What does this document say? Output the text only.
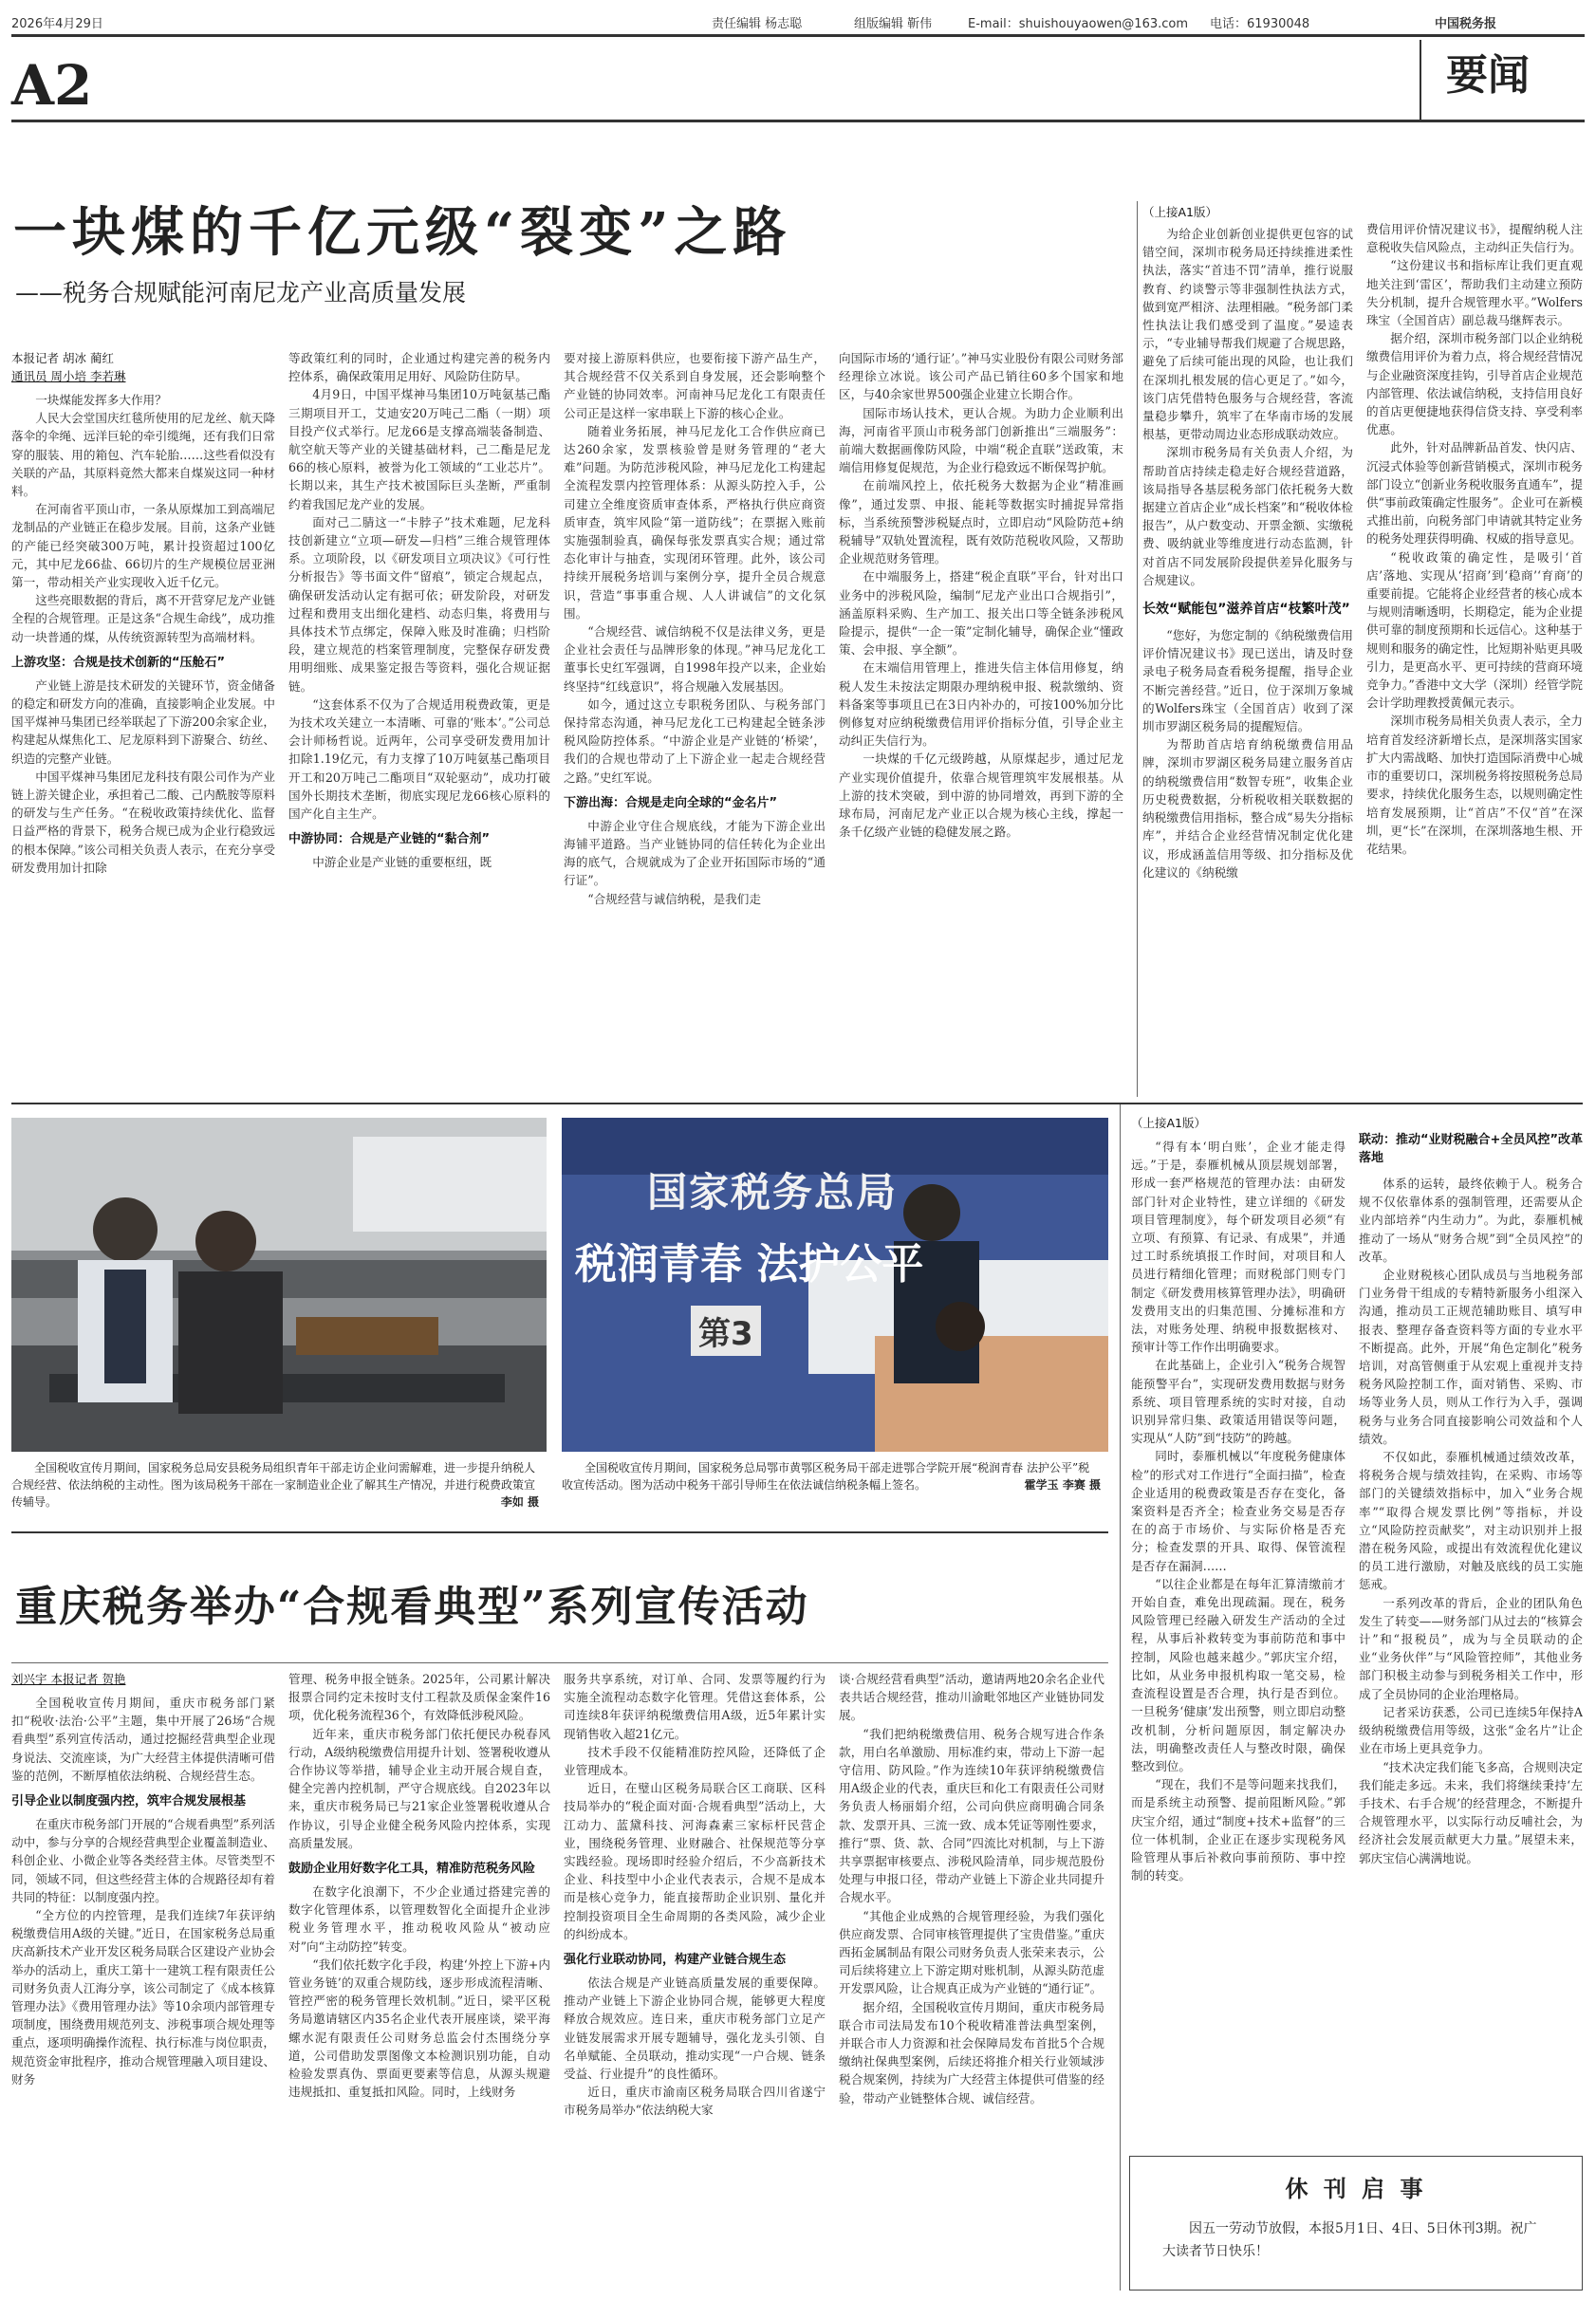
2026年4月29日	责任编辑 杨志聪	组版编辑 靳伟	E-mail：shuishouyaowen@163.com 电话：61930048	中国税务报
A2	要闻
一块煤的千亿元级“裂变”之路
——税务合规赋能河南尼龙产业高质量发展
本报记者 胡冰 蔺红
通讯员 周小培 李若琳

一块煤能发挥多大作用？

人民大会堂国庆红毯所使用的尼龙丝、航天降落伞的伞绳、远洋巨轮的牵引缆绳，还有我们日常穿的服装、用的箱包、汽车轮胎……这些看似没有关联的产品，其原料竟然大都来自煤炭这同一种材料。

在河南省平顶山市，一条从原煤加工到高端尼龙制品的产业链正在稳步发展。目前，这条产业链的产能已经突破300万吨，累计投资超过100亿元，其中尼龙66盐、66切片的生产规模位居亚洲第一，带动相关产业实现收入近千亿元。

这些亮眼数据的背后，离不开营穿尼龙产业链全程的合规管理。正是这条“合规生命线”，成功推动一块普通的煤，从传统资源转型为高端材料。

上游攻坚：合规是技术创新的“压舱石”

产业链上游是技术研发的关键环节，资金储备的稳定和研发方向的准确，直接影响企业发展。中国平煤神马集团已经举联起了下游200余家企业，构建起从煤焦化工、尼龙原料到下游聚合、纺丝、织造的完整产业链。

中国平煤神马集团尼龙科技有限公司作为产业链上游关键企业，承担着己二酸、己内酰胺等原料的研发与生产任务。“在税收政策持续优化、监督日益严格的背景下，税务合规已成为企业行稳致远的根本保障。”该公司相关负责人表示，在充分享受研发费用加计扣除

等政策红利的同时，企业通过构建完善的税务内控体系，确保政策用足用好、风险防住防早。

4月9日，中国平煤神马集团10万吨氨基己酯三期项目开工，艾迪安20万吨己二酯（一期）项目投产仪式举行。尼龙66是支撑高端装备制造、航空航天等产业的关键基础材料，己二酯是尼龙66的核心原料，被誉为化工领域的“工业芯片”。长期以来，其生产技术被国际巨头垄断，严重制约着我国尼龙产业的发展。

面对己二腈这一“卡脖子”技术难题，尼龙科技创新建立“立项—研发—归档”三维合规管理体系。立项阶段，以《研发项目立项决议》《可行性分析报告》等书面文件“留痕”，锁定合规起点，确保研发活动认定有据可依；研发阶段，对研发过程和费用支出细化建档、动态归集，将费用与具体技术节点绑定，保障入账及时准确；归档阶段，建立规范的档案管理制度，完整保存研发费用明细账、成果鉴定报告等资料，强化合规证据链。

“这套体系不仅为了合规适用税费政策，更是为技术攻关建立一本清晰、可靠的‘账本’。”公司总会计师杨哲说。近两年，公司享受研发费用加计扣除1.19亿元，有力支撑了10万吨氨基己酯项目开工和20万吨己二酯项目“双轮驱动”，成功打破国外长期技术垄断，彻底实现尼龙66核心原料的国产化自主生产。

中游协同：合规是产业链的“黏合剂”

中游企业是产业链的重要枢纽，既

要对接上游原料供应，也要衔接下游产品生产，其合规经营不仅关系到自身发展，还会影响整个产业链的协同效率。河南神马尼龙化工有限责任公司正是这样一家串联上下游的核心企业。

随着业务拓展，神马尼龙化工合作供应商已达260余家，发票核验曾是财务管理的“老大难”问题。为防范涉税风险，神马尼龙化工构建起全流程发票内控管理体系：从源头防控入手，公司建立全维度资质审查体系，严格执行供应商资质审查，筑牢风险“第一道防线”；在票据入账前实施强制验真，确保每张发票真实合规；通过常态化审计与抽查，实现闭环管理。此外，该公司持续开展税务培训与案例分享，提升全员合规意识，营造“事事重合规、人人讲诚信”的文化氛围。

“合规经营、诚信纳税不仅是法律义务，更是企业社会责任与品牌形象的体现。”神马尼龙化工董事长史红军强调，自1998年投产以来，企业始终坚持“红线意识”，将合规融入发展基因。

如今，通过这立专职税务团队、与税务部门保持常态沟通，神马尼龙化工已构建起全链条涉税风险防控体系。“中游企业是产业链的‘桥梁’，我们的合规也带动了上下游企业一起走合规经营之路。”史红军说。

下游出海：合规是走向全球的“金名片”

中游企业守住合规底线，才能为下游企业出海铺平道路。当产业链协同的信任转化为企业出海的底气，合规就成为了企业开拓国际市场的“通行证”。

“合规经营与诚信纳税，是我们走

向国际市场的‘通行证’。”神马实业股份有限公司财务部经理徐立冰说。该公司产品已销往60多个国家和地区，与40余家世界500强企业建立长期合作。

国际市场认技术，更认合规。为助力企业顺利出海，河南省平顶山市税务部门创新推出“三端服务”：前端大数据画像防风险，中端“税企直联”送政策，末端信用修复促规范，为企业行稳致远不断保驾护航。

在前端风控上，依托税务大数据为企业“精准画像”，通过发票、申报、能耗等数据实时捕捉异常指标，当系统预警涉税疑点时，立即启动“风险防范+纳税辅导”双轨处置流程，既有效防范税收风险，又帮助企业规范财务管理。

在中端服务上，搭建“税企直联”平台，针对出口业务中的涉税风险，编制“尼龙产业出口合规指引”，涵盖原料采购、生产加工、报关出口等全链条涉税风险提示，提供“一企一策”定制化辅导，确保企业“懂政策、会申报、享全额”。

在末端信用管理上，推进失信主体信用修复，纳税人发生未按法定期限办理纳税申报、税款缴纳、资料备案等事项且已在3日内补办的，可按100%加分比例修复对应纳税缴费信用评价指标分值，引导企业主动纠正失信行为。

一块煤的千亿元级跨越，从原煤起步，通过尼龙产业实现价值提升，依靠合规管理筑牢发展根基。从上游的技术突破，到中游的协同增效，再到下游的全球布局，河南尼龙产业正以合规为核心主线，撑起一条千亿级产业链的稳健发展之路。

（上接A1版）

为给企业创新创业提供更包容的试错空间，深圳市税务局还持续推进柔性执法，落实“首违不罚”清单，推行说服教育、约谈警示等非强制性执法方式，做到宽严相济、法理相融。“税务部门柔性执法让我们感受到了温度。”晏逵表示，“专业辅导帮我们规避了合规思路，避免了后续可能出现的风险，也让我们在深圳扎根发展的信心更足了。”如今，该门店凭借特色服务与合规经营，客流量稳步攀升，筑牢了在华南市场的发展根基，更带动周边业态形成联动效应。

深圳市税务局有关负责人介绍，为帮助首店持续走稳走好合规经营道路，该局指导各基层税务部门依托税务大数据建立首店企业“成长档案”和“税收体检报告”，从户数变动、开票金额、实缴税费、吸纳就业等维度进行动态监测，针对首店不同发展阶段提供差异化服务与合规建议。

长效“赋能包”滋养首店“枝繁叶茂”

“您好，为您定制的《纳税缴费信用评价情况建议书》现已送出，请及时登录电子税务局查看税务提醒，指导企业不断完善经营。”近日，位于深圳万象城的Wolfers珠宝（全国首店）收到了深圳市罗湖区税务局的提醒短信。

为帮助首店培育纳税缴费信用品牌，深圳市罗湖区税务局建立服务首店的纳税缴费信用“数智专班”，收集企业历史税费数据，分析税收相关联数据的纳税缴费信用指标，整合成“易失分指标库”，并结合企业经营情况制定优化建议，形成涵盖信用等级、扣分指标及优化建议的《纳税缴

费信用评价情况建议书》，提醒纳税人注意税收失信风险点，主动纠正失信行为。

“这份建议书和指标库让我们更直观地关注到‘雷区’，帮助我们主动建立预防失分机制，提升合规管理水平。”Wolfers珠宝（全国首店）副总裁马继辉表示。

据介绍，深圳市税务部门以企业纳税缴费信用评价为着力点，将合规经营情况与企业融资深度挂钩，引导首店企业规范内部管理、依法诚信纳税，支持信用良好的首店更便捷地获得信贷支持、享受利率优惠。

此外，针对品牌新品首发、快闪店、沉浸式体验等创新营销模式，深圳市税务部门设立“创新业务税收服务直通车”，提供“事前政策确定性服务”。企业可在新模式推出前，向税务部门申请就其特定业务的税务处理获得明确、权威的指导意见。

“税收政策的确定性，是吸引‘首店’落地、实现从‘招商’到‘稳商’‘育商’的重要前提。它能将企业经营者的核心成本与规则清晰透明，长期稳定，能为企业提供可靠的制度预期和长远信心。这种基于规则和服务的确定性，比短期补贴更具吸引力，是更高水平、更可持续的营商环境竞争力。”香港中文大学（深圳）经管学院会计学助理教授黄佩元表示。

深圳市税务局相关负责人表示，全力培育首发经济新增长点，是深圳落实国家扩大内需战略、加快打造国际消费中心城市的重要切口，深圳税务将按照税务总局要求，持续优化服务生态，以规则确定性培育发展预期，让“首店”不仅“首”在深圳，更“长”在深圳，在深圳落地生根、开花结果。

国家税务总局
税润青春 法护公平
第3
全国税收宣传月期间，国家税务总局安县税务局组织青年干部走访企业问需解难，进一步提升纳税人合规经营、依法纳税的主动性。图为该局税务干部在一家制造业企业了解其生产情况，并进行税费政策宣传辅导。	李如 摄
全国税收宣传月期间，国家税务总局鄂市黄鄂区税务局干部走进鄂合学院开展“税润青春 法护公平”税收宣传活动。图为活动中税务干部引导师生在依法诚信纳税条幅上签名。	霍学玉 李赛 摄
重庆税务举办“合规看典型”系列宣传活动
刘兴宇 本报记者 贺艳

全国税收宣传月期间，重庆市税务部门紧扣“税收·法治·公平”主题，集中开展了26场“合规看典型”系列宣传活动，通过挖掘经营典型企业现身说法、交流座谈，为广大经营主体提供清晰可借鉴的范例，不断厚植依法纳税、合规经营生态。

引导企业以制度强内控，筑牢合规发展根基

在重庆市税务部门开展的“合规看典型”系列活动中，参与分享的合规经营典型企业覆盖制造业、科创企业、小微企业等各类经营主体。尽管类型不同，领域不同，但这些经营主体的合规路径却有着共同的特征：以制度强内控。

“全方位的内控管理，是我们连续7年获评纳税缴费信用A级的关键。”近日，在国家税务总局重庆高新技术产业开发区税务局联合区建设产业协会举办的活动上，重庆工第十一建筑工程有限责任公司财务负责人江海分享，该公司制定了《成本核算管理办法》《费用管理办法》等10余项内部管理专项制度，围绕费用规范列支、涉税事项合规处理等重点，逐项明确操作流程、执行标准与岗位职责，规范资金审批程序，推动合规管理融入项目建设、财务

管理、税务申报全链条。2025年，公司累计解决报票合同约定未按时支付工程款及质保金案件16项，优化税务流程36个，有效降低涉税风险。

近年来，重庆市税务部门依托便民办税春风行动，A级纳税缴费信用提升计划、签署税收遵从合作协议等举措，辅导企业主动开展合规自查，健全完善内控机制，严守合规底线。自2023年以来，重庆市税务局已与21家企业签署税收遵从合作协议，引导企业健全税务风险内控体系，实现高质量发展。

鼓励企业用好数字化工具，精准防范税务风险

在数字化浪潮下，不少企业通过搭建完善的数字化管理体系，以管理数智化全面提升企业涉税业务管理水平，推动税收风险从“被动应对”向“主动防控”转变。

“我们依托数字化手段，构建‘外控上下游+内管业务链’的双重合规防线，逐步形成流程清晰、管控严密的税务管理长效机制。”近日，梁平区税务局邀请辖区内35名企业代表开展座谈，梁平海螺水泥有限责任公司财务总监会付杰围绕分享道，公司借助发票图像文本检测识别功能，自动检验发票真伪、票面更要素等信息，从源头规避违规抵扣、重复抵扣风险。同时，上线财务

服务共享系统，对订单、合同、发票等履约行为实施全流程动态数字化管理。凭借这套体系，公司连续8年获评纳税缴费信用A级，近5年累计实现销售收入超21亿元。

技术手段不仅能精准防控风险，还降低了企业管理成本。

近日，在璧山区税务局联合区工商联、区科技局举办的“税企面对面·合规看典型”活动上，大江动力、蓝黛科技、河海森素三家标杆民营企业，围绕税务管理、业财融合、社保规范等分享实践经验。现场即时经验介绍后，不少高新技术企业、科技型中小企业代表表示，合规不是成本而是核心竞争力，能直接帮助企业识别、量化并控制投资项目全生命周期的各类风险，减少企业的纠纷成本。

强化行业联动协同，构建产业链合规生态

依法合规是产业链高质量发展的重要保障。推动产业链上下游企业协同合规，能够更大程度释放合规效应。连日来，重庆市税务部门立足产业链发展需求开展专题辅导，强化龙头引领、自名单赋能、全员联动，推动实现“一户合规、链条受益、行业提升”的良性循环。

近日，重庆市渝南区税务局联合四川省遂宁市税务局举办“依法纳税大家

谈·合规经营看典型”活动，邀请两地20余名企业代表共话合规经营，推动川渝毗邻地区产业链协同发展。

“我们把纳税缴费信用、税务合规写进合作条款，用白名单激励、用标准约束，带动上下游一起守信用、防风险。”作为连续10年获评纳税缴费信用A级企业的代表，重庆巨和化工有限责任公司财务负责人杨丽娟介绍，公司向供应商明确合同条款、发票开具、三流一致、成本凭证等刚性要求，推行“票、货、款、合同”四流比对机制，与上下游共享票据审核要点、涉税风险清单，同步规范股份处理与申报口径，带动产业链上下游企业共同提升合规水平。

“其他企业成熟的合规管理经验，为我们强化供应商发票、合同审核管理提供了宝贵借鉴。”重庆西拓金属制品有限公司财务负责人张荣来表示，公司后续将建立上下游定期对账机制，从源头防范虚开发票风险，让合规真正成为产业链的“通行证”。

据介绍，全国税收宣传月期间，重庆市税务局联合市司法局发布10个税收精准普法典型案例，并联合市人力资源和社会保障局发布首批5个合规缴纳社保典型案例，后续还将推介相关行业领域涉税合规案例，持续为广大经营主体提供可借鉴的经验，带动产业链整体合规、诚信经营。

（上接A1版）

“得有本‘明白账’，企业才能走得远。”于是，泰雁机械从顶层规划部署，形成一套严格规范的管理办法：由研发部门针对企业特性，建立详细的《研发项目管理制度》，每个研发项目必须“有立项、有预算、有记录、有成果”，并通过工时系统填报工作时间，对项目和人员进行精细化管理；而财税部门则专门制定《研发费用核算管理办法》，明确研发费用支出的归集范围、分摊标准和方法，对账务处理、纳税申报数据核对、预审计等工作作出明确要求。

在此基础上，企业引入“税务合规智能预警平台”，实现研发费用数据与财务系统、项目管理系统的实时对接，自动识别异常归集、政策适用错误等问题，实现从“人防”到“技防”的跨越。

同时，泰雁机械以“年度税务健康体检”的形式对工作进行“全面扫描”，检查企业适用的税费政策是否存在变化，备案资料是否齐全；检查业务交易是否存在的高于市场价、与实际价格是否充分；检查发票的开具、取得、保管流程是否存在漏洞……

“以往企业都是在每年汇算清缴前才开始自查，难免出现疏漏。现在，税务风险管理已经融入研发生产活动的全过程，从事后补救转变为事前防范和事中控制，风险也越来越少。”郭庆宝介绍，比如，从业务申报机构取一笔交易，检查流程设置是否合理，执行是否到位。一旦税务‘健康’发出预警，则立即启动整改机制，分析问题原因，制定解决办法，明确整改责任人与整改时限，确保整改到位。

“现在，我们不是等问题来找我们，而是系统主动预警、提前阻断风险。”郭庆宝介绍，通过“制度+技术+监督”的三位一体机制，企业正在逐步实现税务风险管理从事后补救向事前预防、事中控制的转变。

联动：推动“业财税融合+全员风控”改革落地

体系的运转，最终依赖于人。税务合规不仅依靠体系的强制管理，还需要从企业内部培养“内生动力”。为此，泰雁机械推动了一场从“财务合规”到“全员风控”的改革。

企业财税核心团队成员与当地税务部门业务骨干组成的专精特新服务小组深入沟通，推动员工正规范辅助账目、填写申报表、整理存备查资料等方面的专业水平不断提高。此外，开展“角色定制化”税务培训，对高管侧重于从宏观上重视并支持税务风险控制工作，面对销售、采购、市场等业务人员，则从工作行为入手，强调税务与业务合同直接影响公司效益和个人绩效。

不仅如此，泰雁机械通过绩效改革，将税务合规与绩效挂钩，在采购、市场等部门的关键绩效指标中，加入“业务合规率”“取得合规发票比例”等指标，并设立“风险防控贡献奖”，对主动识别并上报潜在税务风险，或提出有效流程优化建议的员工进行激励，对触及底线的员工实施惩戒。

一系列改革的背后，企业的团队角色发生了转变——财务部门从过去的“核算会计”和“报税员”，成为与全员联动的企业“业务伙伴”与“风险管控师”，其他业务部门积极主动参与到税务相关工作中，形成了全员协同的企业治理格局。

记者采访获悉，公司已连续5年保持A级纳税缴费信用等级，这张“金名片”让企业在市场上更具竞争力。

“技术决定我们能飞多高，合规则决定我们能走多远。未来，我们将继续秉持‘左手技术、右手合规’的经营理念，不断提升合规管理水平，以实际行动反哺社会，为经济社会发展贡献更大力量。”展望未来，郭庆宝信心满满地说。

休 刊 启 事
因五一劳动节放假，本报5月1日、4日、5日休刊3期。祝广大读者节日快乐！
